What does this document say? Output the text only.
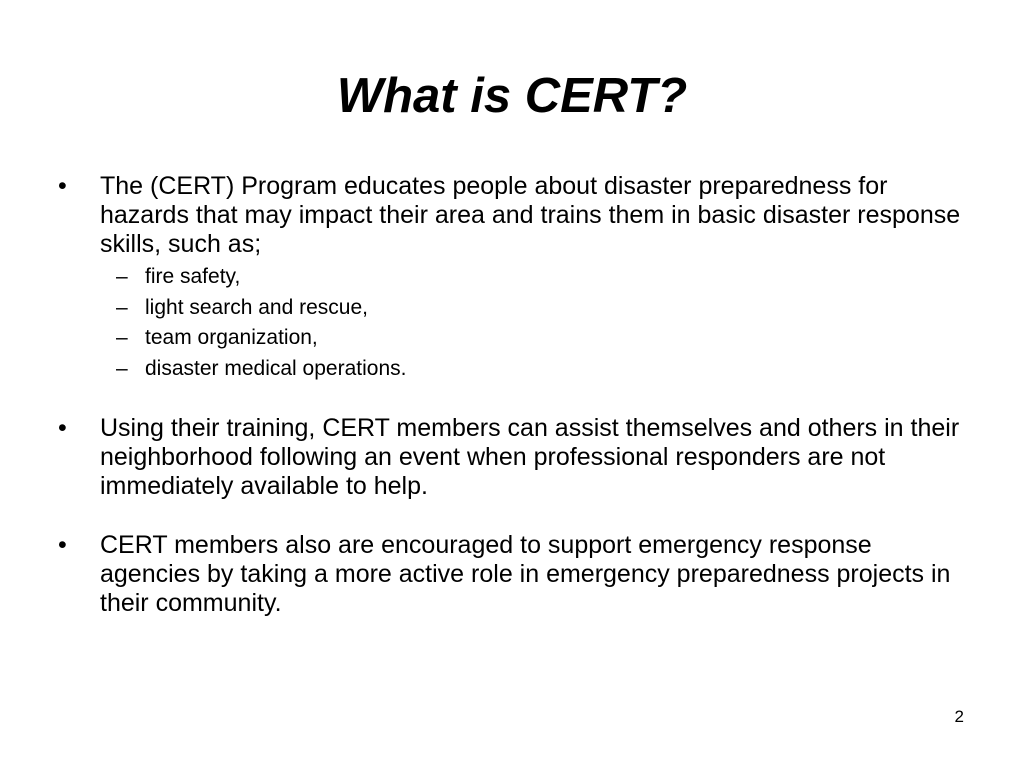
What is CERT?
• The (CERT) Program educates people about disaster preparedness for hazards that may impact their area and trains them in basic disaster response skills, such as;
– fire safety,
– light search and rescue,
– team organization,
– disaster medical operations.
• Using their training, CERT members can assist themselves and others in their neighborhood following an event when professional responders are not immediately available to help.
• CERT members also are encouraged to support emergency response agencies by taking a more active role in emergency preparedness projects in their community.
2
